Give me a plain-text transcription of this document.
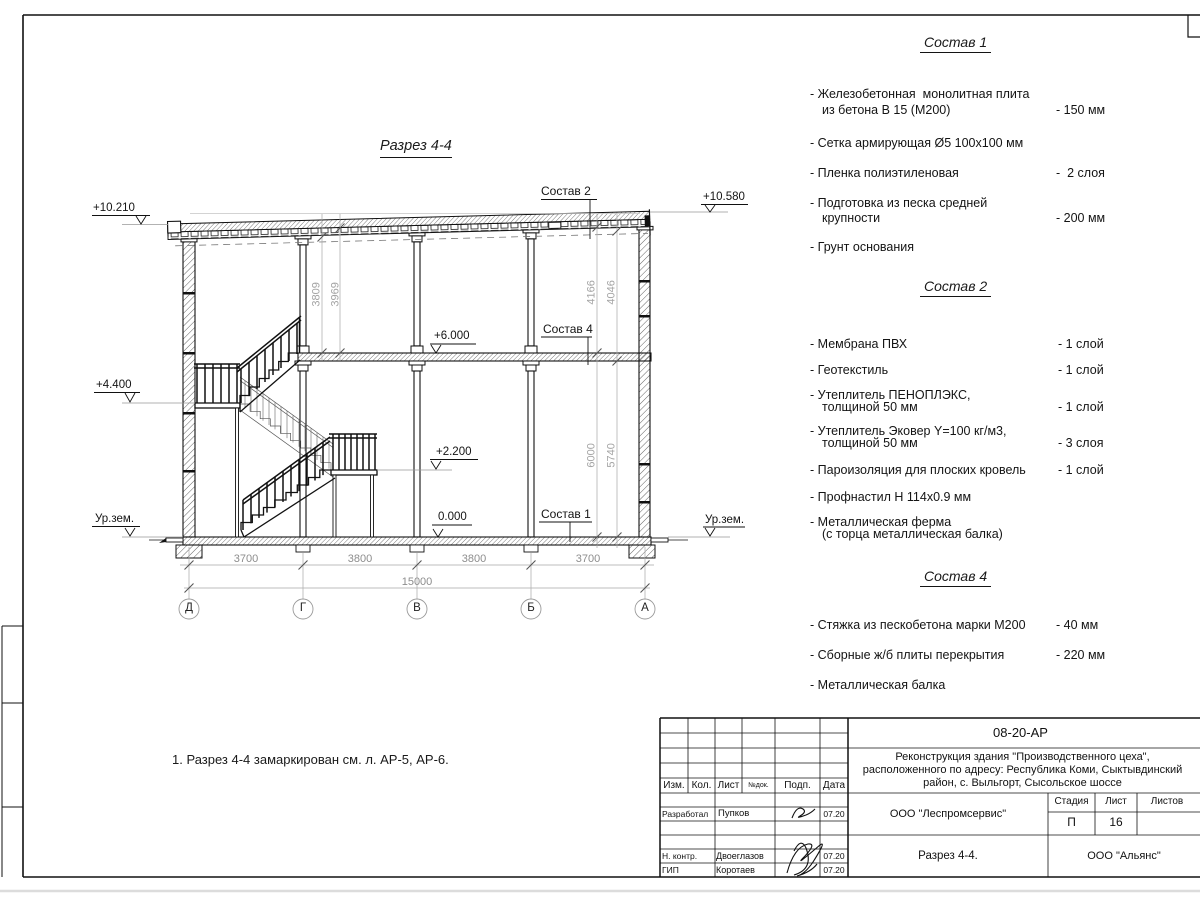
Разрез 4-4
1. Разрез 4-4 замаркирован см. л. АР-5, АР-6.
+10.210
+4.400
Ур.зем.
+10.580
Ур.зем.
+6.000
+2.200
0.000
Состав 2
Состав 4
Состав 1
3700	3800	3800	3700
15000
3809 3969	4166 4046
6000 5740
Д	Г	В	Б	А
Состав 1
- Железобетонная  монолитная плита
из бетона В 15 (М200)	- 150 мм
- Сетка армирующая Ø5 100х100 мм
- Пленка полиэтиленовая	-  2 слоя
- Подготовка из песка средней
крупности	- 200 мм
- Грунт основания
Состав 2
- Мембрана ПВХ	- 1 слой
- Геотекстиль	- 1 слой
- Утеплитель ПЕНОПЛЭКС,
толщиной 50 мм	- 1 слой
- Утеплитель Эковер Y=100 кг/м3,
толщиной 50 мм	- 3 слоя
- Пароизоляция для плоских кровель	- 1 слой
- Профнастил Н 114х0.9 мм
- Металлическая ферма
(с торца металлическая балка)
Состав 4
- Стяжка из пескобетона марки М200 - 40 мм
- Сборные ж/б плиты перекрытия	- 220 мм
- Металлическая балка
08-20-АР
Реконструкция здания "Производственного цеха",
расположенного по адресу: Республика Коми, Сыктывдинский
район, с. Выльгорт, Сысольское шоссе
Изм. Кол. Лист	№док.	Подп.	Дата
Разработал Пупков	07.20
Н. контр. Двоеглазов	07.20
ГИП	Коротаев	07.20
ООО "Леспромсервис"
Стадия	Лист	Листов
П	16
Разрез 4-4.	ООО "Альянс"
